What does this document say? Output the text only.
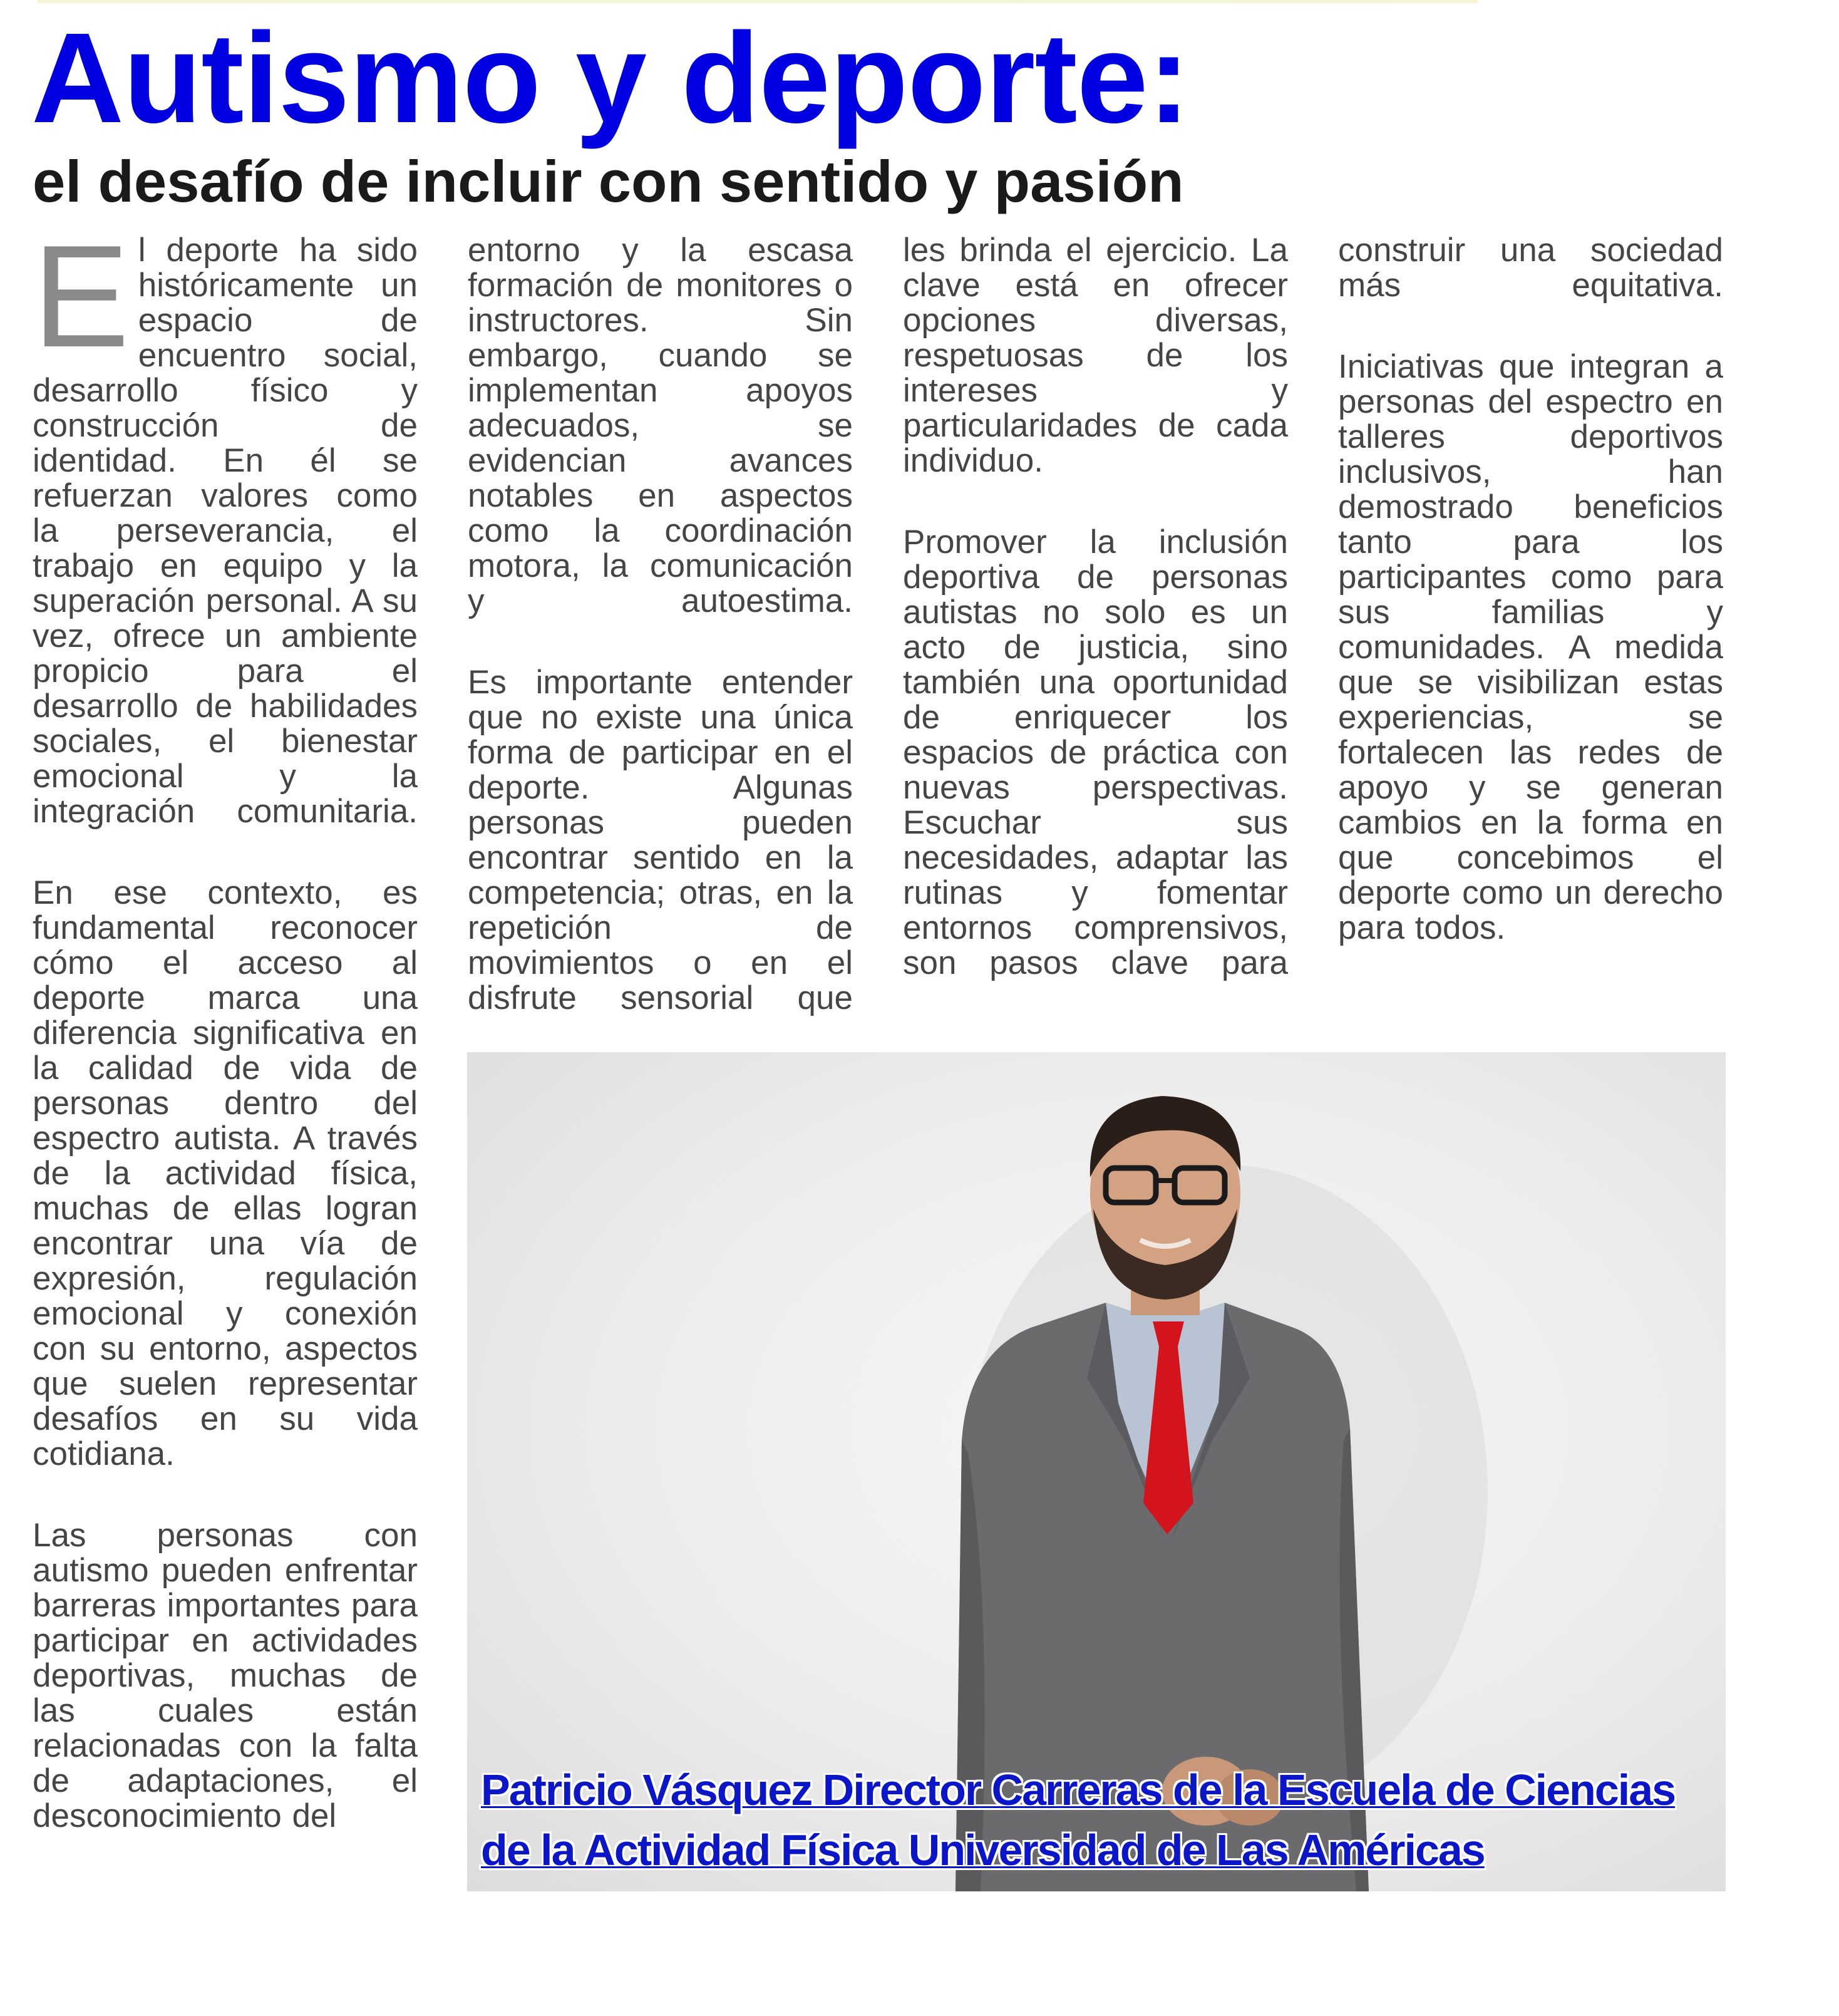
Autismo y deporte:
el desafío de incluir con sentido y pasión

El deporte ha sido históricamente un espacio de encuentro social, desarrollo físico y construcción de identidad. En él se refuerzan valores como la perseverancia, el trabajo en equipo y la superación personal. A su vez, ofrece un ambiente propicio para el desarrollo de habilidades sociales, el bienestar emocional y la integración comunitaria.

En ese contexto, es fundamental reconocer cómo el acceso al deporte marca una diferencia significativa en la calidad de vida de personas dentro del espectro autista. A través de la actividad física, muchas de ellas logran encontrar una vía de expresión, regulación emocional y conexión con su entorno, aspectos que suelen representar desafíos en su vida cotidiana.

Las personas con autismo pueden enfrentar barreras importantes para participar en actividades deportivas, muchas de las cuales están relacionadas con la falta de adaptaciones, el desconocimiento del

entorno y la escasa formación de monitores o instructores. Sin embargo, cuando se implementan apoyos adecuados, se evidencian avances notables en aspectos como la coordinación motora, la comunicación y autoestima.

Es importante entender que no existe una única forma de participar en el deporte. Algunas personas pueden encontrar sentido en la competencia; otras, en la repetición de movimientos o en el disfrute sensorial que

les brinda el ejercicio. La clave está en ofrecer opciones diversas, respetuosas de los intereses y particularidades de cada individuo.

Promover la inclusión deportiva de personas autistas no solo es un acto de justicia, sino también una oportunidad de enriquecer los espacios de práctica con nuevas perspectivas. Escuchar sus necesidades, adaptar las rutinas y fomentar entornos comprensivos, son pasos clave para

construir una sociedad más equitativa.

Iniciativas que integran a personas del espectro en talleres deportivos inclusivos, han demostrado beneficios tanto para los participantes como para sus familias y comunidades. A medida que se visibilizan estas experiencias, se fortalecen las redes de apoyo y se generan cambios en la forma en que concebimos el deporte como un derecho para todos.

Patricio Vásquez Director Carreras de la Escuela de Ciencias
de la Actividad Física Universidad de Las Américas
